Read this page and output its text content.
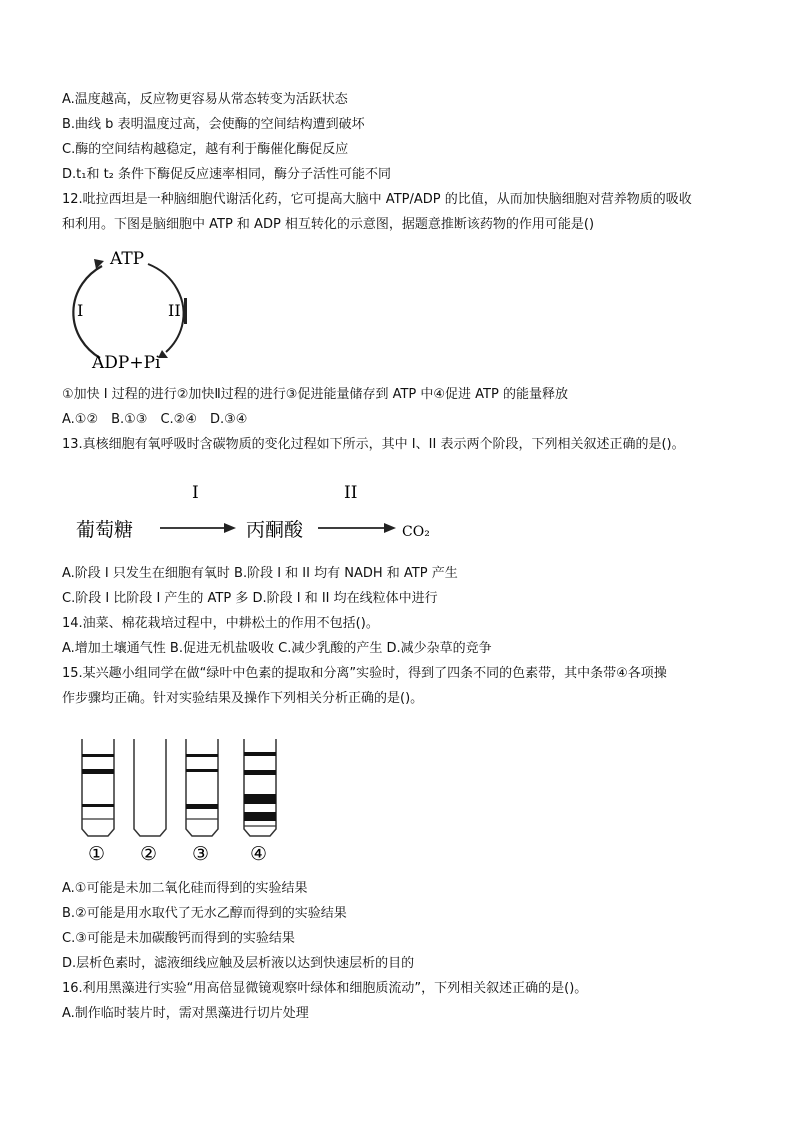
A.温度越高，反应物更容易从常态转变为活跃状态
B.曲线 b 表明温度过高，会使酶的空间结构遭到破坏
C.酶的空间结构越稳定，越有利于酶催化酶促反应
D.t₁和 t₂ 条件下酶促反应速率相同，酶分子活性可能不同
12.吡拉西坦是一种脑细胞代谢活化药，它可提高大脑中 ATP/ADP 的比值，从而加快脑细胞对营养物质的吸收
和利用。下图是脑细胞中 ATP 和 ADP 相互转化的示意图，据题意推断该药物的作用可能是()
ATP
ADP+Pi
I	II
①加快 I 过程的进行②加快Ⅱ过程的进行③促进能量储存到 ATP 中④促进 ATP 的能量释放
A.①②　B.①③　C.②④　D.③④
13.真核细胞有氧呼吸时含碳物质的变化过程如下所示，其中 I、II 表示两个阶段，下列相关叙述正确的是()。
I	II
葡萄糖	丙酮酸	CO₂
A.阶段 I 只发生在细胞有氧时 B.阶段 I 和 II 均有 NADH 和 ATP 产生
C.阶段 I 比阶段 I 产生的 ATP 多 D.阶段 I 和 II 均在线粒体中进行
14.油菜、棉花栽培过程中，中耕松土的作用不包括()。
A.增加土壤通气性 B.促进无机盐吸收 C.减少乳酸的产生 D.减少杂草的竞争
15.某兴趣小组同学在做“绿叶中色素的提取和分离”实验时，得到了四条不同的色素带，其中条带④各项操
作步骤均正确。针对实验结果及操作下列相关分析正确的是()。
① ② ③ ④
A.①可能是未加二氧化硅而得到的实验结果
B.②可能是用水取代了无水乙醇而得到的实验结果
C.③可能是未加碳酸钙而得到的实验结果
D.层析色素时，滤液细线应触及层析液以达到快速层析的目的
16.利用黑藻进行实验“用高倍显微镜观察叶绿体和细胞质流动”，下列相关叙述正确的是()。
A.制作临时装片时，需对黑藻进行切片处理
